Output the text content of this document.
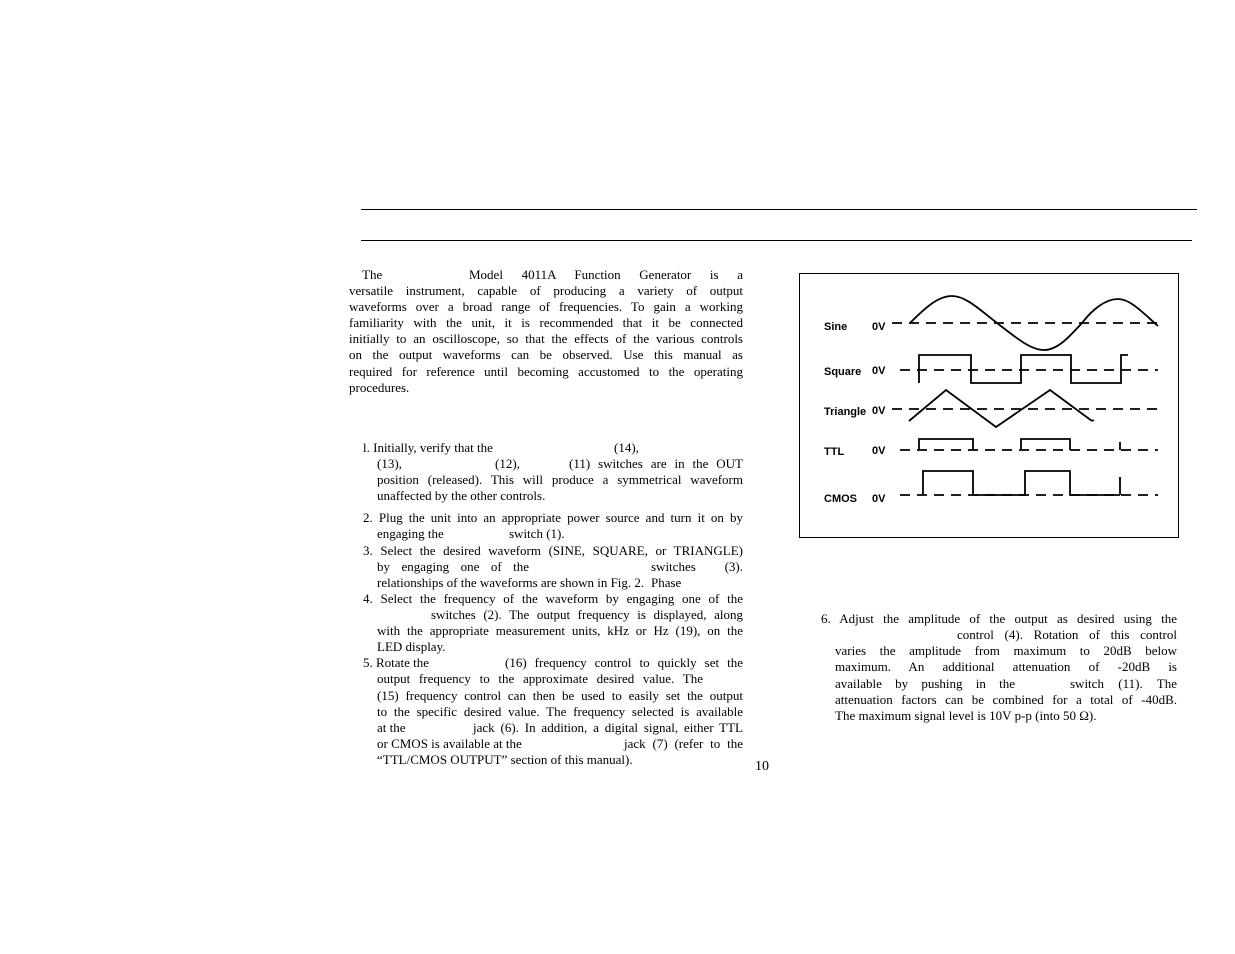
The	Model 4011A Function Generator is a
versatile instrument, capable of producing a variety of output
waveforms over a broad range of frequencies. To gain a working
familiarity with the unit, it is recommended that it be connected
initially to an oscilloscope, so that the effects of the various controls
on the output waveforms can be observed. Use this manual as
required for reference until becoming accustomed to the operating
procedures.
l. Initially, verify that the	(14),
(13),	(12),	(11) switches are in the OUT
position (released). This will produce a symmetrical waveform
unaffected by the other controls.
2. Plug the unit into an appropriate power source and turn it on by
engaging the	switch (1).
3. Select the desired waveform (SINE, SQUARE, or TRIANGLE)
by engaging one of the	switches (3). Phase
relationships of the waveforms are shown in Fig. 2.
4. Select the frequency of the waveform by engaging one of the
switches (2). The output frequency is displayed, along
with the appropriate measurement units, kHz or Hz (19), on the
LED display.
5. Rotate the	(16) frequency control to quickly set the
output frequency to the approximate desired value. The
(15) frequency control can then be used to easily set the output
to the specific desired value. The frequency selected is available
at the	jack (6). In addition, a digital signal, either TTL
or CMOS is available at the	jack (7) (refer to the
“TTL/CMOS OUTPUT” section of this manual).
Sine 0V
Square 0V
Triangle 0V
TTL	0V
CMOS 0V
6. Adjust the amplitude of the output as desired using the
control (4). Rotation of this control
varies the amplitude from maximum to 20dB below
maximum. An additional attenuation of -20dB is
available by pushing in the	switch (11). The
attenuation factors can be combined for a total of -40dB.
The maximum signal level is 10V p-p (into 50 Ω).
10
